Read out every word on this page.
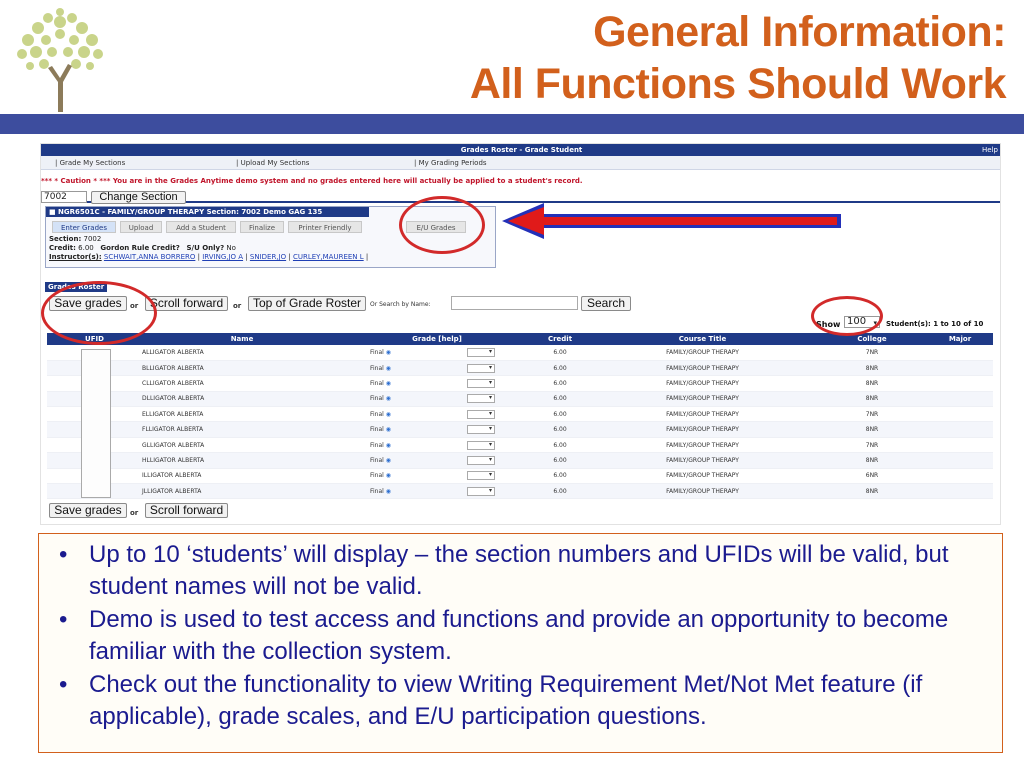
General Information:
All Functions Should Work
Grades Roster - Grade Student	Help
| Grade My Sections	| Upload My Sections	| My Grading Periods
*** * Caution * *** You are in the Grades Anytime demo system and no grades entered here will actually be applied to a student's record.
7002	Change Section
■ NGR6501C - FAMILY/GROUP THERAPY Section: 7002 Demo GAG 135
Enter Grades	Upload	Add a Student	Finalize	Printer Friendly	E/U Grades
Section: 7002
Credit: 6.00 Gordon Rule Credit? S/U Only? No
Instructor(s): SCHWAIT,ANNA BORRERO | IRVING,JO A | SNIDER,JO | CURLEY,MAUREEN L |
Grades Roster
Save grades	or Scroll forward	or Top of Grade Roster	Or Search by Name:	Search
Show 100 ▾ Student(s): 1 to 10 of 10
UFID	Name	Grade [help]	Credit	Course Title	College	Major
	ALLIGATOR ALBERTA	Final ◉▾	6.00	FAMILY/GROUP THERAPY	7NR	
	BLLIGATOR ALBERTA	Final ◉▾	6.00	FAMILY/GROUP THERAPY	8NR	
	CLLIGATOR ALBERTA	Final ◉▾	6.00	FAMILY/GROUP THERAPY	8NR	
	DLLIGATOR ALBERTA	Final ◉▾	6.00	FAMILY/GROUP THERAPY	8NR	
	ELLIGATOR ALBERTA	Final ◉▾	6.00	FAMILY/GROUP THERAPY	7NR	
	FLLIGATOR ALBERTA	Final ◉▾	6.00	FAMILY/GROUP THERAPY	8NR	
	GLLIGATOR ALBERTA	Final ◉▾	6.00	FAMILY/GROUP THERAPY	7NR	
	HLLIGATOR ALBERTA	Final ◉▾	6.00	FAMILY/GROUP THERAPY	8NR	
	ILLIGATOR ALBERTA	Final ◉▾	6.00	FAMILY/GROUP THERAPY	6NR	
	JLLIGATOR ALBERTA	Final ◉▾	6.00	FAMILY/GROUP THERAPY	8NR	
Save grades	or Scroll forward
• Up to 10 ‘students’ will display – the section numbers and UFIDs will be valid, but student names will not be valid.
• Demo is used to test access and functions and provide an opportunity to become familiar with the collection system.
• Check out the functionality to view Writing Requirement Met/Not Met feature (if applicable), grade scales, and E/U participation questions.
